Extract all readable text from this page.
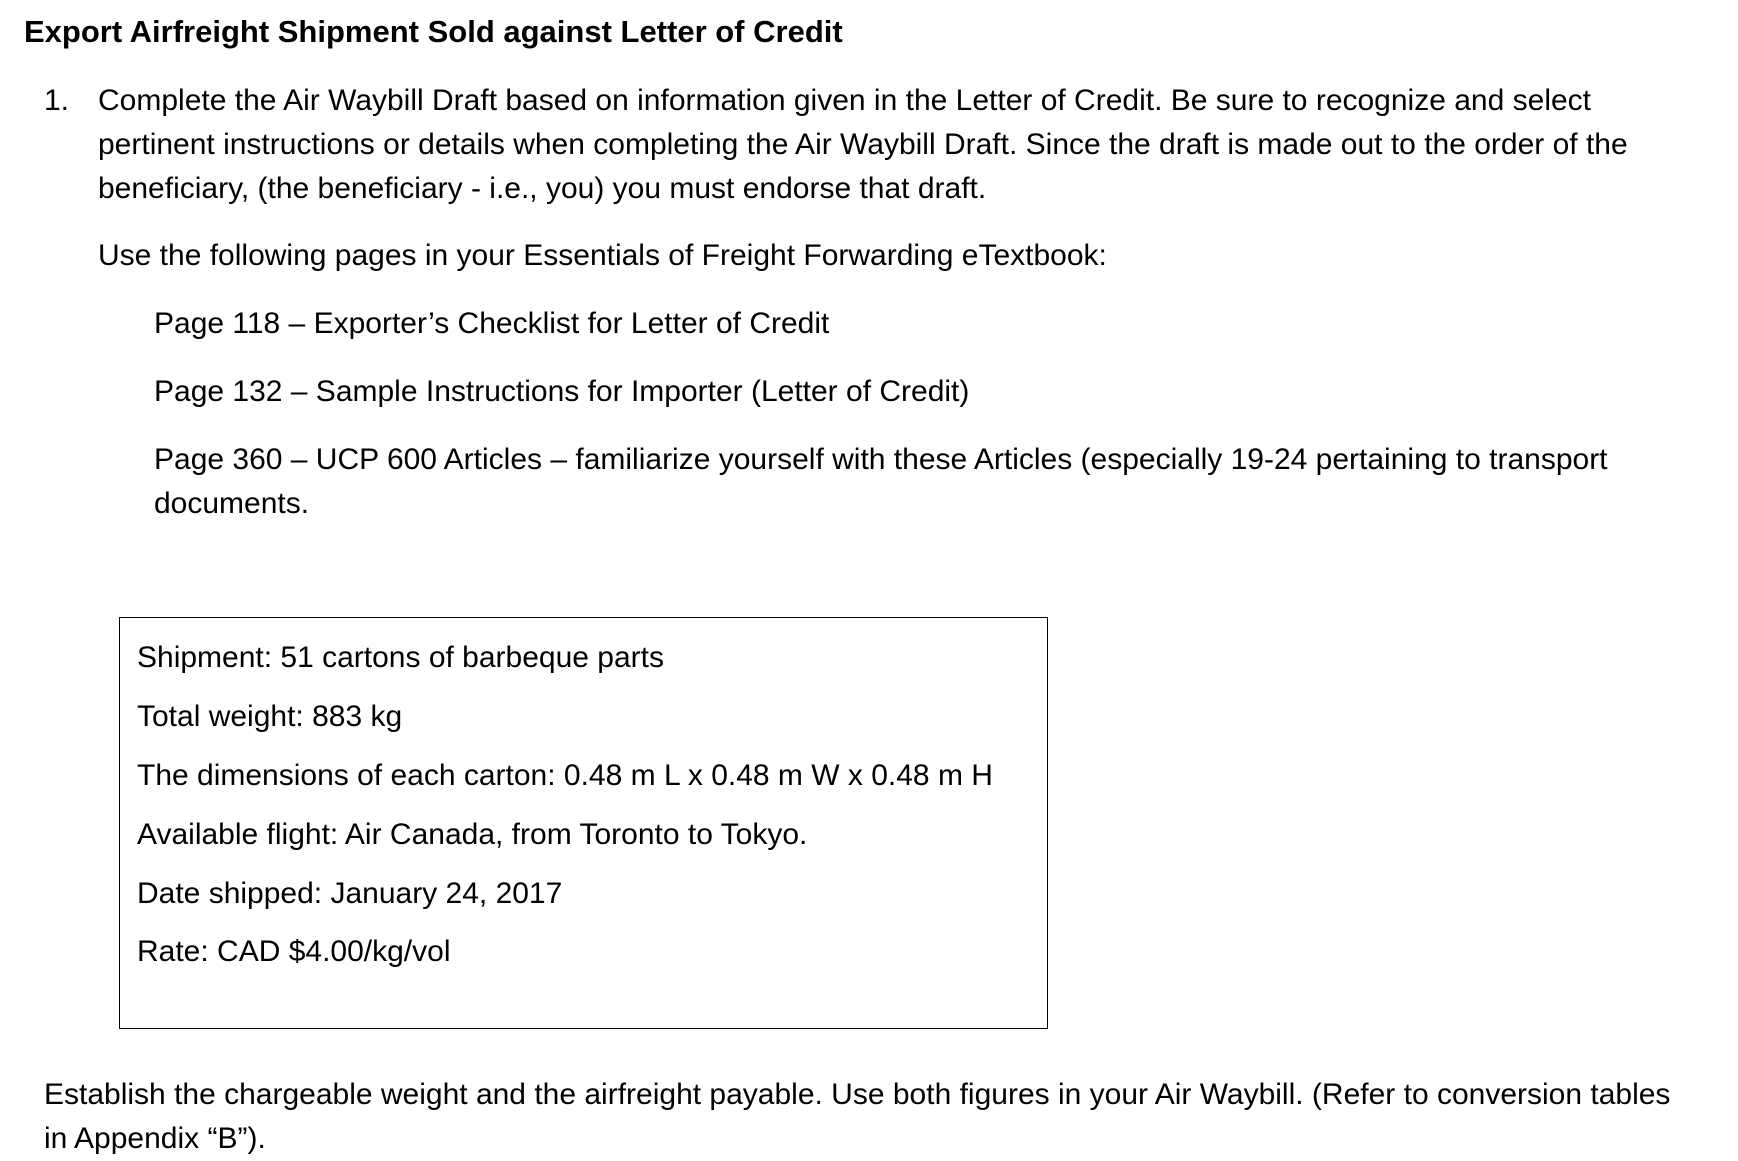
Export Airfreight Shipment Sold against Letter of Credit
1. Complete the Air Waybill Draft based on information given in the Letter of Credit. Be sure to recognize and select pertinent instructions or details when completing the Air Waybill Draft. Since the draft is made out to the order of the beneficiary, (the beneficiary - i.e., you) you must endorse that draft.
Use the following pages in your Essentials of Freight Forwarding eTextbook:
Page 118 – Exporter’s Checklist for Letter of Credit
Page 132 – Sample Instructions for Importer (Letter of Credit)
Page 360 – UCP 600 Articles – familiarize yourself with these Articles (especially 19-24 pertaining to transport documents.
Shipment: 51 cartons of barbeque parts
Total weight: 883 kg
The dimensions of each carton: 0.48 m L x 0.48 m W x 0.48 m H
Available flight: Air Canada, from Toronto to Tokyo.
Date shipped: January 24, 2017
Rate: CAD $4.00/kg/vol
Establish the chargeable weight and the airfreight payable. Use both figures in your Air Waybill. (Refer to conversion tables in Appendix “B”).
